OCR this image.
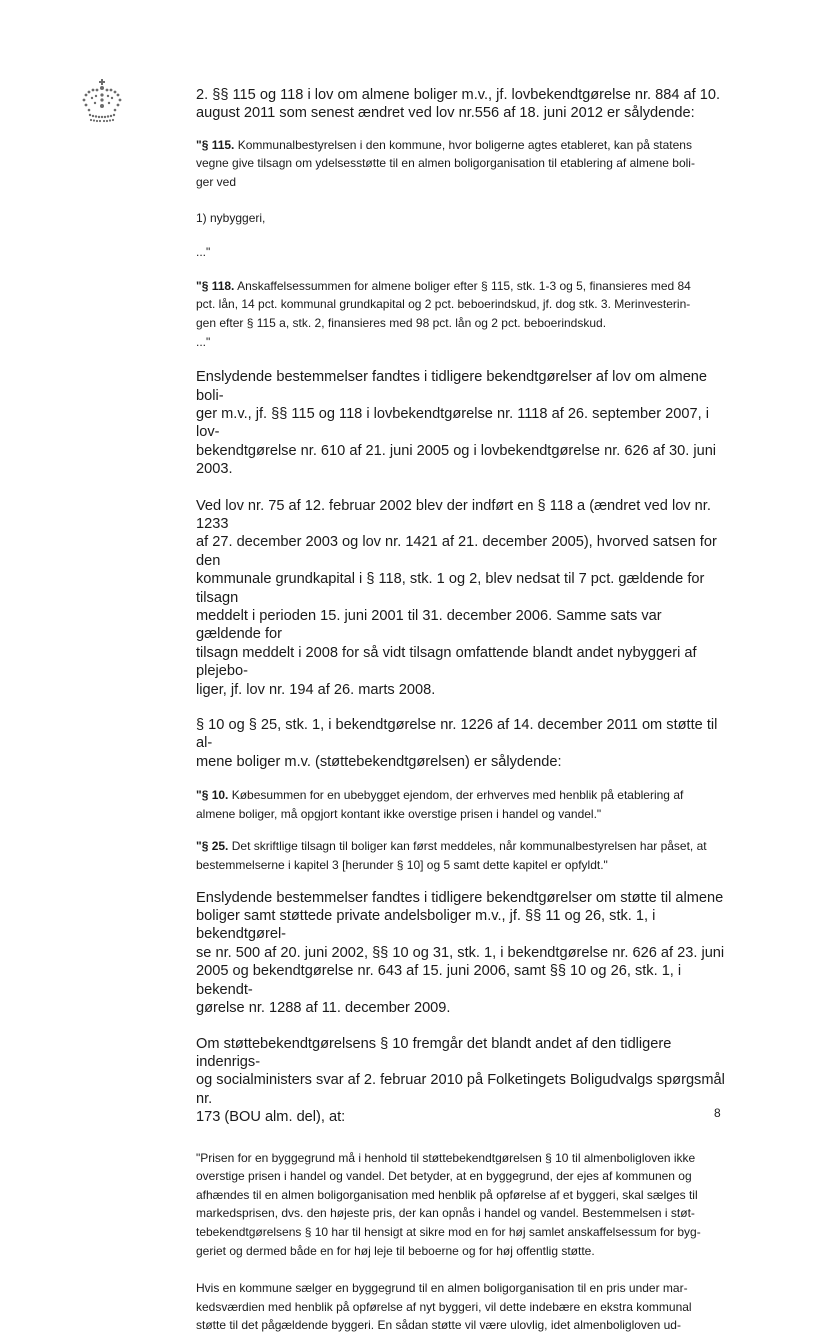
2. §§ 115 og 118 i lov om almene boliger m.v., jf. lovbekendtgørelse nr. 884 af 10.
august 2011 som senest ændret ved lov nr.556 af 18. juni 2012 er sålydende:

"§ 115. Kommunalbestyrelsen i den kommune, hvor boligerne agtes etableret, kan på statens
vegne give tilsagn om ydelsesstøtte til en almen boligorganisation til etablering af almene boli-
ger ved

1) nybyggeri,

..."

"§ 118. Anskaffelsessummen for almene boliger efter § 115, stk. 1-3 og 5, finansieres med 84
pct. lån, 14 pct. kommunal grundkapital og 2 pct. beboerindskud, jf. dog stk. 3. Merinvesterin-
gen efter § 115 a, stk. 2, finansieres med 98 pct. lån og 2 pct. beboerindskud.
..."

Enslydende bestemmelser fandtes i tidligere bekendtgørelser af lov om almene boli-
ger m.v., jf. §§ 115 og 118 i lovbekendtgørelse nr. 1118 af 26. september 2007, i lov-
bekendtgørelse nr. 610 af 21. juni 2005 og i lovbekendtgørelse nr. 626 af 30. juni
2003.

Ved lov nr. 75 af 12. februar 2002 blev der indført en § 118 a (ændret ved lov nr. 1233
af 27. december 2003 og lov nr. 1421 af 21. december 2005), hvorved satsen for den
kommunale grundkapital i § 118, stk. 1 og 2, blev nedsat til 7 pct. gældende for tilsagn
meddelt i perioden 15. juni 2001 til 31. december 2006. Samme sats var gældende for
tilsagn meddelt i 2008 for så vidt tilsagn omfattende blandt andet nybyggeri af plejebo-
liger, jf. lov nr. 194 af 26. marts 2008.

§ 10 og § 25, stk. 1, i bekendtgørelse nr. 1226 af 14. december 2011 om støtte til al-
mene boliger m.v. (støttebekendtgørelsen) er sålydende:

"§ 10. Købesummen for en ubebygget ejendom, der erhverves med henblik på etablering af
almene boliger, må opgjort kontant ikke overstige prisen i handel og vandel."

"§ 25. Det skriftlige tilsagn til boliger kan først meddeles, når kommunalbestyrelsen har påset, at
bestemmelserne i kapitel 3 [herunder § 10] og 5 samt dette kapitel er opfyldt."

Enslydende bestemmelser fandtes i tidligere bekendtgørelser om støtte til almene
boliger samt støttede private andelsboliger m.v., jf. §§ 11 og 26, stk. 1, i bekendtgørel-
se nr. 500 af 20. juni 2002, §§ 10 og 31, stk. 1, i bekendtgørelse nr. 626 af 23. juni
2005 og bekendtgørelse nr. 643 af 15. juni 2006, samt §§ 10 og 26, stk. 1, i bekendt-
gørelse nr. 1288 af 11. december 2009.

Om støttebekendtgørelsens § 10 fremgår det blandt andet af den tidligere indenrigs-
og socialministers svar af 2. februar 2010 på Folketingets Boligudvalgs spørgsmål nr.
173 (BOU alm. del), at:

"Prisen for en byggegrund må i henhold til støttebekendtgørelsen § 10 til almenboligloven ikke
overstige prisen i handel og vandel. Det betyder, at en byggegrund, der ejes af kommunen og
afhændes til en almen boligorganisation med henblik på opførelse af et byggeri, skal sælges til
markedsprisen, dvs. den højeste pris, der kan opnås i handel og vandel. Bestemmelsen i støt-
tebekendtgørelsens § 10 har til hensigt at sikre mod en for høj samlet anskaffelsessum for byg-
geriet og dermed både en for høj leje til beboerne og for høj offentlig støtte.

Hvis en kommune sælger en byggegrund til en almen boligorganisation til en pris under mar-
kedsværdien med henblik på opførelse af nyt byggeri, vil dette indebære en ekstra kommunal
støtte til det pågældende byggeri. En sådan støtte vil være ulovlig, idet almenboligloven ud-

8
